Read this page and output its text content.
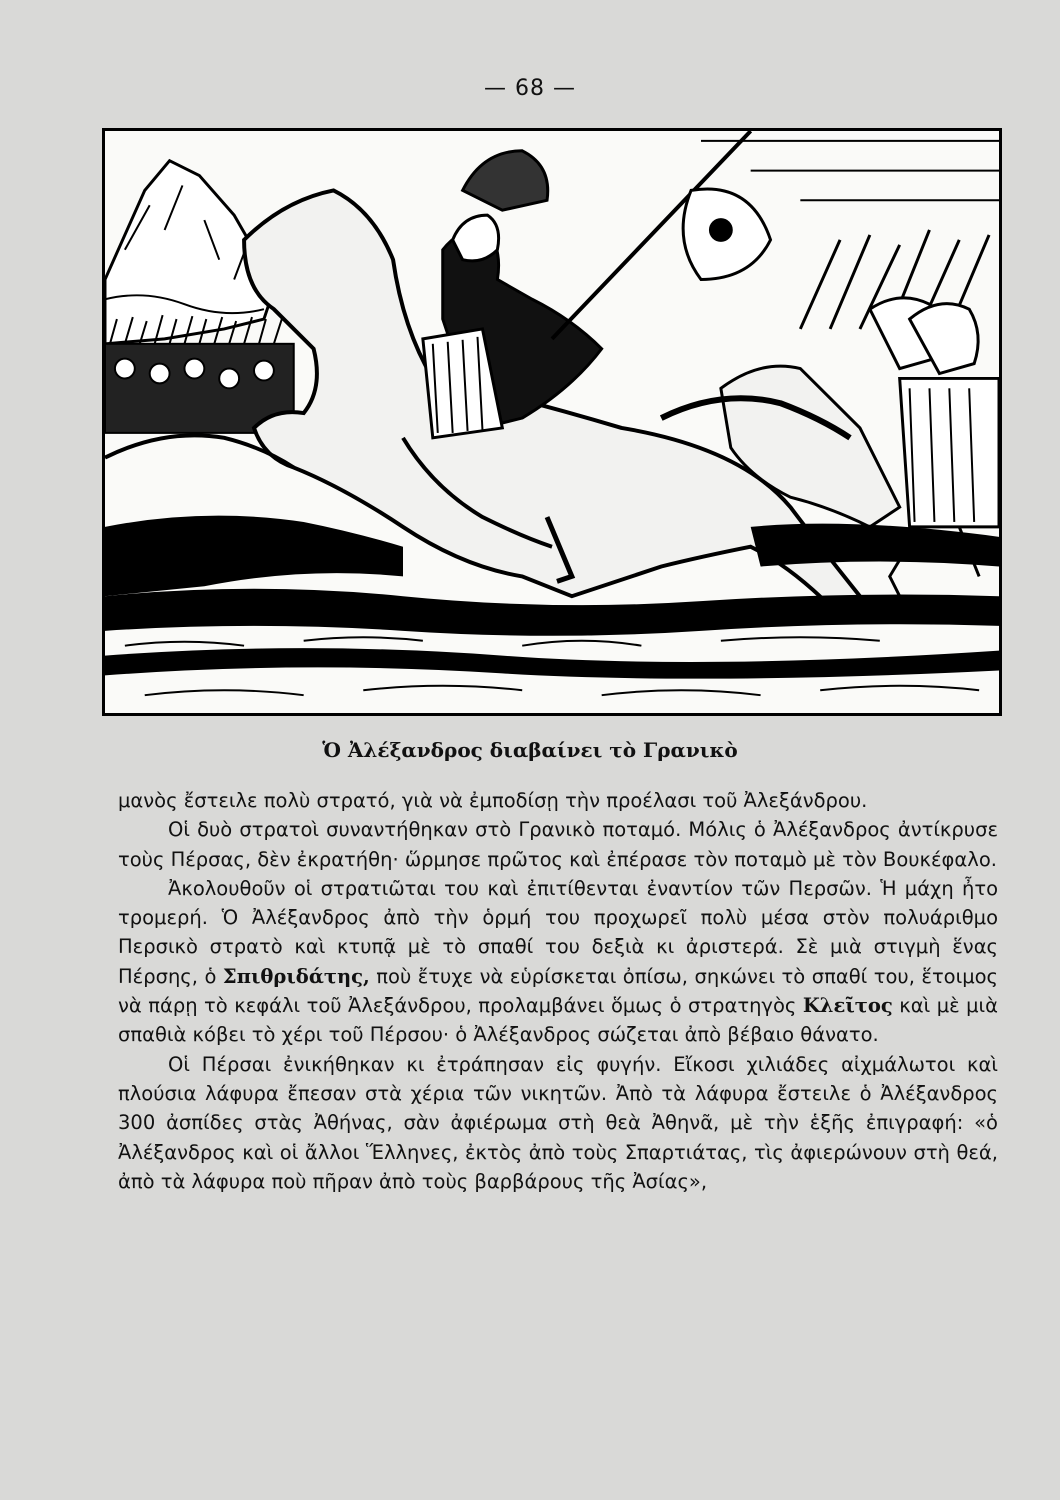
— 68 —
Ὁ Ἀλέξανδρος διαβαίνει τὸ Γρανικὸ

μανὸς ἔστειλε πολὺ στρατό, γιὰ νὰ ἐμποδίσῃ τὴν προέλασι τοῦ Ἀλεξάνδρου.

Οἱ δυὸ στρατοὶ συναντήθηκαν στὸ Γρανικὸ ποταμό. Μόλις ὁ Ἀλέξανδρος ἀντίκρυσε τοὺς Πέρσας, δὲν ἐκρατήθη· ὥρμησε πρῶτος καὶ ἐπέρασε τὸν ποταμὸ μὲ τὸν Βουκέφαλο.

Ἀκολουθοῦν οἱ στρατιῶται του καὶ ἐπιτίθενται ἐναντίον τῶν Περσῶν. Ἡ μάχη ἦτο τρομερή. Ὁ Ἀλέξανδρος ἀπὸ τὴν ὁρμή του προχωρεῖ πολὺ μέσα στὸν πολυάριθμο Περσικὸ στρατὸ καὶ κτυπᾷ μὲ τὸ σπαθί του δεξιὰ κι ἀριστερά. Σὲ μιὰ στιγμὴ ἕνας Πέρσης, ὁ Σπιθριδάτης, ποὺ ἔτυχε νὰ εὑρίσκεται ὀπίσω, σηκώνει τὸ σπαθί του, ἕτοιμος νὰ πάρῃ τὸ κεφάλι τοῦ Ἀλεξάνδρου, προλαμβάνει ὅμως ὁ στρατηγὸς Κλεῖτος καὶ μὲ μιὰ σπαθιὰ κόβει τὸ χέρι τοῦ Πέρσου· ὁ Ἀλέξανδρος σώζεται ἀπὸ βέβαιο θάνατο.

Οἱ Πέρσαι ἐνικήθηκαν κι ἐτράπησαν εἰς φυγήν. Εἴκοσι χιλιάδες αἰχμάλωτοι καὶ πλούσια λάφυρα ἔπεσαν στὰ χέρια τῶν νικητῶν. Ἀπὸ τὰ λάφυρα ἔστειλε ὁ Ἀλέξανδρος 300 ἀσπίδες στὰς Ἀθήνας, σὰν ἀφιέρωμα στὴ θεὰ Ἀθηνᾶ, μὲ τὴν ἑξῆς ἐπιγραφή: «ὁ Ἀλέξανδρος καὶ οἱ ἄλλοι Ἕλληνες, ἐκτὸς ἀπὸ τοὺς Σπαρτιάτας, τὶς ἀφιερώνουν στὴ θεά, ἀπὸ τὰ λάφυρα ποὺ πῆραν ἀπὸ τοὺς βαρβάρους τῆς Ἀσίας»,
